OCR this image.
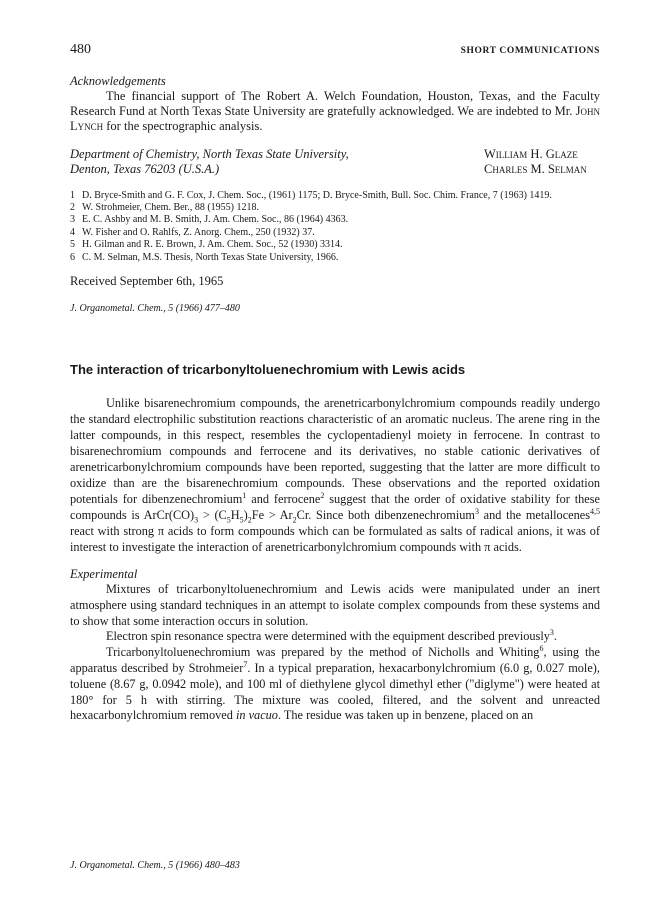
480	SHORT COMMUNICATIONS
Acknowledgements

The financial support of The Robert A. Welch Foundation, Houston, Texas, and the Faculty Research Fund at North Texas State University are gratefully acknowledged. We are indebted to Mr. John Lynch for the spectrographic analysis.

Department of Chemistry, North Texas State University,
Denton, Texas 76203 (U.S.A.)
William H. Glaze
Charles M. Selman
1 D. Bryce-Smith and G. F. Cox, J. Chem. Soc., (1961) 1175; D. Bryce-Smith, Bull. Soc. Chim. France, 7 (1963) 1419.
2 W. Strohmeier, Chem. Ber., 88 (1955) 1218.
3 E. C. Ashby and M. B. Smith, J. Am. Chem. Soc., 86 (1964) 4363.
4 W. Fisher and O. Rahlfs, Z. Anorg. Chem., 250 (1932) 37.
5 H. Gilman and R. E. Brown, J. Am. Chem. Soc., 52 (1930) 3314.
6 C. M. Selman, M.S. Thesis, North Texas State University, 1966.
Received September 6th, 1965
J. Organometal. Chem., 5 (1966) 477–480
The interaction of tricarbonyltoluenechromium with Lewis acids

Unlike bisarenechromium compounds, the arenetricarbonylchromium compounds readily undergo the standard electrophilic substitution reactions characteristic of an aromatic nucleus. The arene ring in the latter compounds, in this respect, resembles the cyclopentadienyl moiety in ferrocene. In contrast to bisarenechromium compounds and ferrocene and its derivatives, no stable cationic derivatives of arenetricarbonylchromium compounds have been reported, suggesting that the latter are more difficult to oxidize than are the bisarenechromium compounds. These observations and the reported oxidation potentials for dibenzenechromium$^1$ and ferrocene$^2$ suggest that the order of oxidative stability for these compounds is $ArCr(CO)_3 > (C_5H_5)_2Fe > Ar_2Cr$. Since both dibenzenechromium$^3$ and the metallocenes$^{4,5}$ react with strong π acids to form compounds which can be formulated as salts of radical anions, it was of interest to investigate the interaction of arenetricarbonylchromium compounds with π acids.

Experimental

Mixtures of tricarbonyltoluenechromium and Lewis acids were manipulated under an inert atmosphere using standard techniques in an attempt to isolate complex compounds from these systems and to show that some interaction occurs in solution.

Electron spin resonance spectra were determined with the equipment described previously$^3$.

Tricarbonyltoluenechromium was prepared by the method of Nicholls and Whiting$^6$, using the apparatus described by Strohmeier$^7$. In a typical preparation, hexacarbonylchromium (6.0 g, 0.027 mole), toluene (8.67 g, 0.0942 mole), and 100 ml of diethylene glycol dimethyl ether ("diglyme") were heated at 180° for 5 h with stirring. The mixture was cooled, filtered, and the solvent and unreacted hexacarbonylchromium removed in vacuo. The residue was taken up in benzene, placed on an

J. Organometal. Chem., 5 (1966) 480–483
